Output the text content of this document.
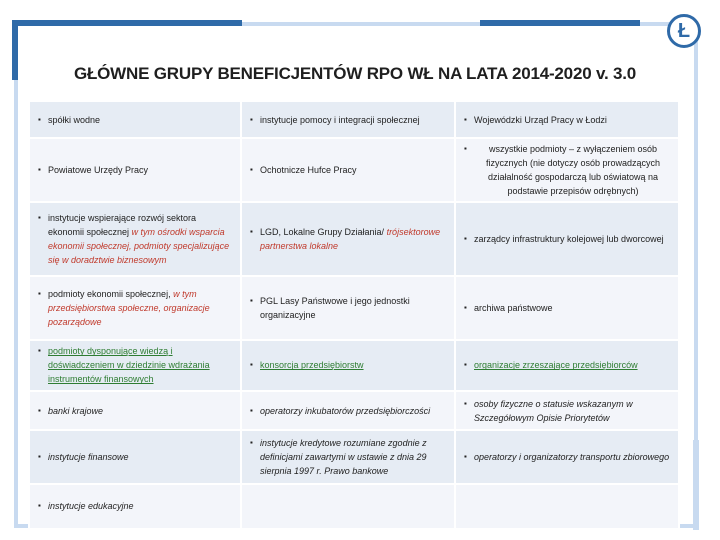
Ł
GŁÓWNE GRUPY BENEFICJENTÓW RPO WŁ NA LATA 2014-2020 v. 3.0
▪ spółki wodne	▪ instytucje pomocy i integracji społecznej	▪ Wojewódzki Urząd Pracy w Łodzi

▪ Powiatowe Urzędy Pracy	▪ Ochotnicze Hufce Pracy	▪ wszystkie podmioty – z wyłączeniem osób fizycznych (nie dotyczy osób prowadzących działalność gospodarczą lub oświatową na podstawie przepisów odrębnych)

▪ instytucje wspierające rozwój sektora ekonomii społecznej w tym ośrodki wsparcia ekonomii społecznej, podmioty specjalizujące się w doradztwie biznesowym	▪ LGD, Lokalne Grupy Działania/ trójsektorowe partnerstwa lokalne	▪ zarządcy infrastruktury kolejowej lub dworcowej

▪ podmioty ekonomii społecznej, w tym przedsiębiorstwa społeczne, organizacje pozarządowe	▪ PGL Lasy Państwowe i jego jednostki organizacyjne	▪ archiwa państwowe

▪ podmioty dysponujące wiedzą i doświadczeniem w dziedzinie wdrażania instrumentów finansowych	▪ konsorcja przedsiębiorstw	▪ organizacje zrzeszające przedsiębiorców

▪ banki krajowe	▪ operatorzy inkubatorów przedsiębiorczości	▪ osoby fizyczne o statusie wskazanym w Szczegółowym Opisie Priorytetów

▪ instytucje finansowe	▪ instytucje kredytowe rozumiane zgodnie z definicjami zawartymi w ustawie z dnia 29 sierpnia 1997 r. Prawo bankowe	▪ operatorzy i organizatorzy transportu zbiorowego

▪ instytucje edukacyjne		
